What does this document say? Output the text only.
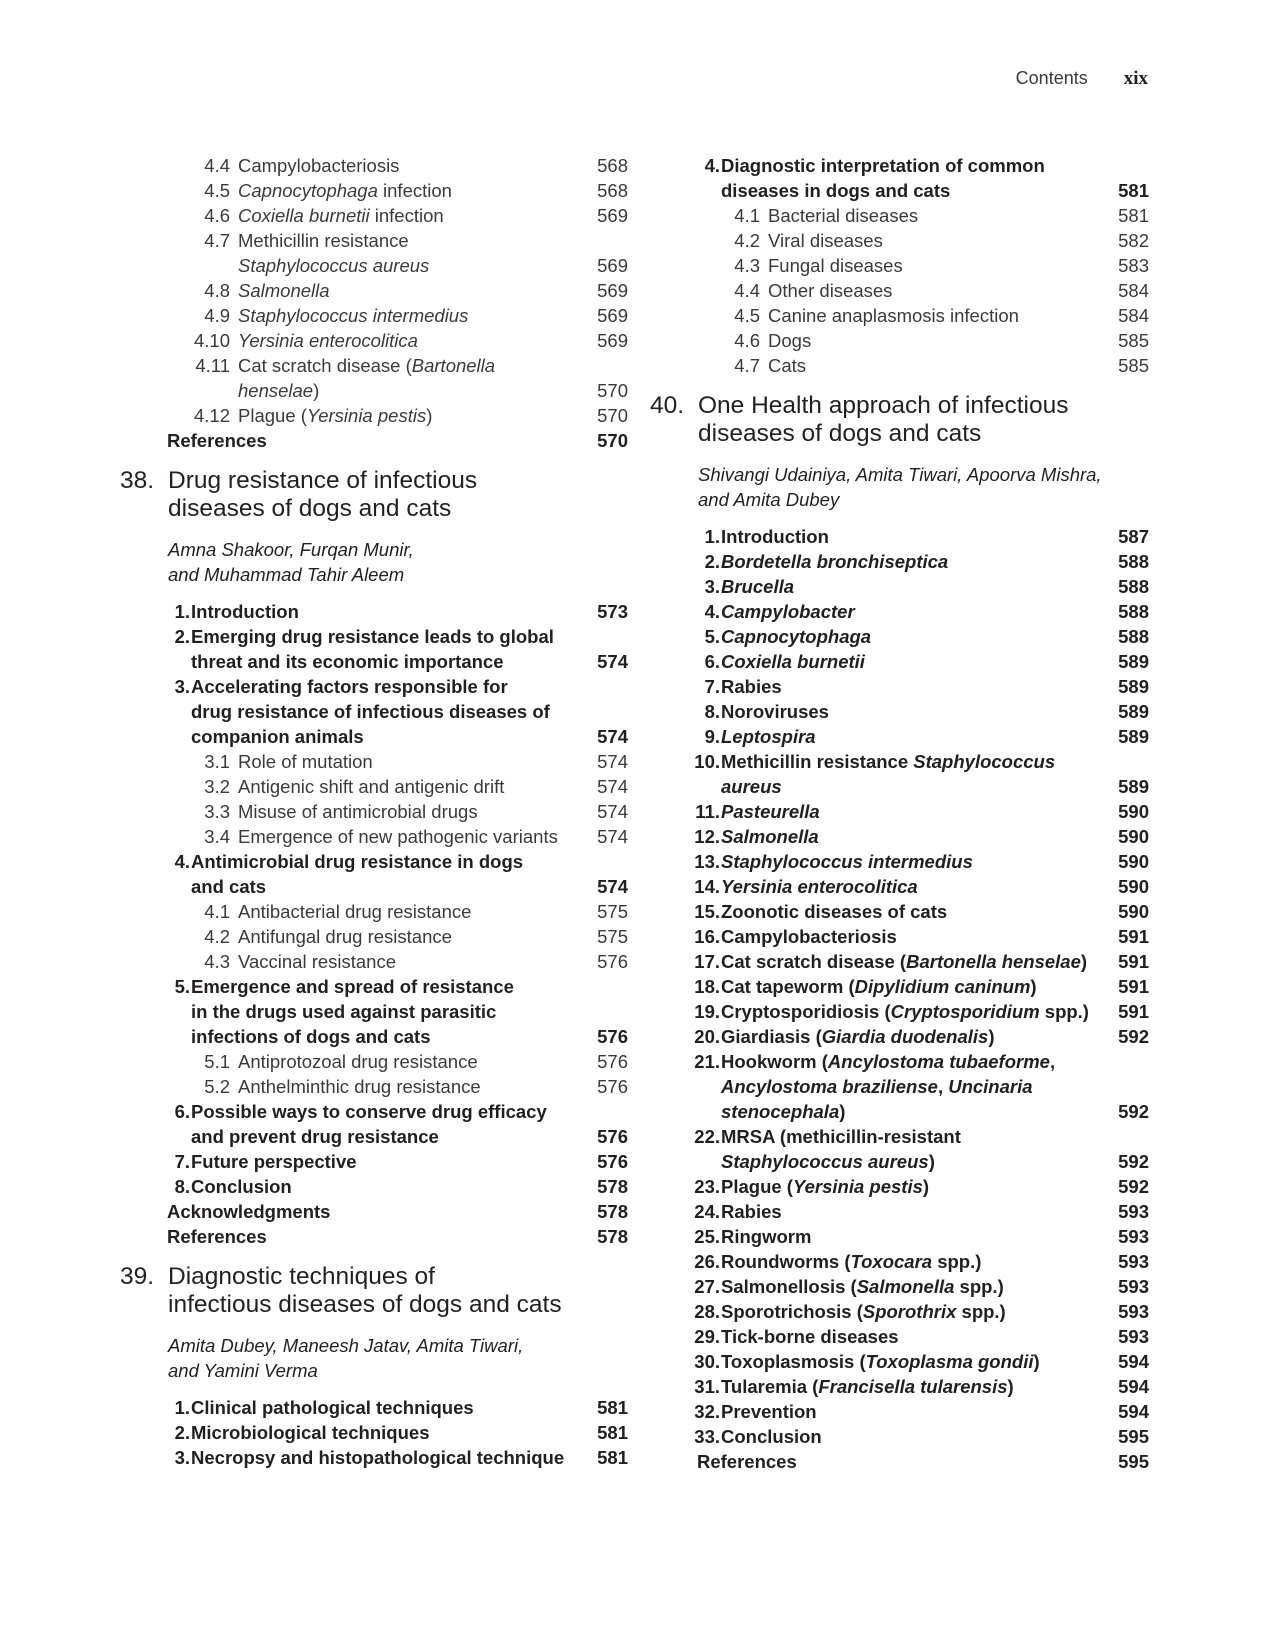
Contents xix
4.4 Campylobacteriosis	568
4.5 Capnocytophaga infection	568
4.6 Coxiella burnetii infection	569
4.7 Methicillin resistance
Staphylococcus aureus	569
4.8 Salmonella	569
4.9 Staphylococcus intermedius	569
4.10 Yersinia enterocolitica	569
4.11 Cat scratch disease (Bartonella
henselae)	570
4.12 Plague (Yersinia pestis)	570
References	570
38. Drug resistance of infectious
diseases of dogs and cats
Amna Shakoor, Furqan Munir,
and Muhammad Tahir Aleem
1. Introduction	573
2. Emerging drug resistance leads to global
threat and its economic importance	574
3. Accelerating factors responsible for
drug resistance of infectious diseases of
companion animals	574
3.1 Role of mutation	574
3.2 Antigenic shift and antigenic drift	574
3.3 Misuse of antimicrobial drugs	574
3.4 Emergence of new pathogenic variants	574
4. Antimicrobial drug resistance in dogs
and cats	574
4.1 Antibacterial drug resistance	575
4.2 Antifungal drug resistance	575
4.3 Vaccinal resistance	576
5. Emergence and spread of resistance
in the drugs used against parasitic
infections of dogs and cats	576
5.1 Antiprotozoal drug resistance	576
5.2 Anthelminthic drug resistance	576
6. Possible ways to conserve drug efficacy
and prevent drug resistance	576
7. Future perspective	576
8. Conclusion	578
Acknowledgments	578
References	578
39. Diagnostic techniques of
infectious diseases of dogs and cats
Amita Dubey, Maneesh Jatav, Amita Tiwari,
and Yamini Verma
1. Clinical pathological techniques	581
2. Microbiological techniques	581
3. Necropsy and histopathological technique	581
4. Diagnostic interpretation of common
diseases in dogs and cats	581
4.1 Bacterial diseases	581
4.2 Viral diseases	582
4.3 Fungal diseases	583
4.4 Other diseases	584
4.5 Canine anaplasmosis infection	584
4.6 Dogs	585
4.7 Cats	585
40. One Health approach of infectious
diseases of dogs and cats
Shivangi Udainiya, Amita Tiwari, Apoorva Mishra,
and Amita Dubey
1. Introduction	587
2. Bordetella bronchiseptica	588
3. Brucella	588
4. Campylobacter	588
5. Capnocytophaga	588
6. Coxiella burnetii	589
7. Rabies	589
8. Noroviruses	589
9. Leptospira	589
10. Methicillin resistance Staphylococcus
aureus	589
11. Pasteurella	590
12. Salmonella	590
13. Staphylococcus intermedius	590
14. Yersinia enterocolitica	590
15. Zoonotic diseases of cats	590
16. Campylobacteriosis	591
17. Cat scratch disease (Bartonella henselae)	591
18. Cat tapeworm (Dipylidium caninum)	591
19. Cryptosporidiosis (Cryptosporidium spp.)	591
20. Giardiasis (Giardia duodenalis)	592
21. Hookworm (Ancylostoma tubaeforme,
Ancylostoma braziliense, Uncinaria
stenocephala)	592
22. MRSA (methicillin-resistant
Staphylococcus aureus)	592
23. Plague (Yersinia pestis)	592
24. Rabies	593
25. Ringworm	593
26. Roundworms (Toxocara spp.)	593
27. Salmonellosis (Salmonella spp.)	593
28. Sporotrichosis (Sporothrix spp.)	593
29. Tick-borne diseases	593
30. Toxoplasmosis (Toxoplasma gondii)	594
31. Tularemia (Francisella tularensis)	594
32. Prevention	594
33. Conclusion	595
References	595
